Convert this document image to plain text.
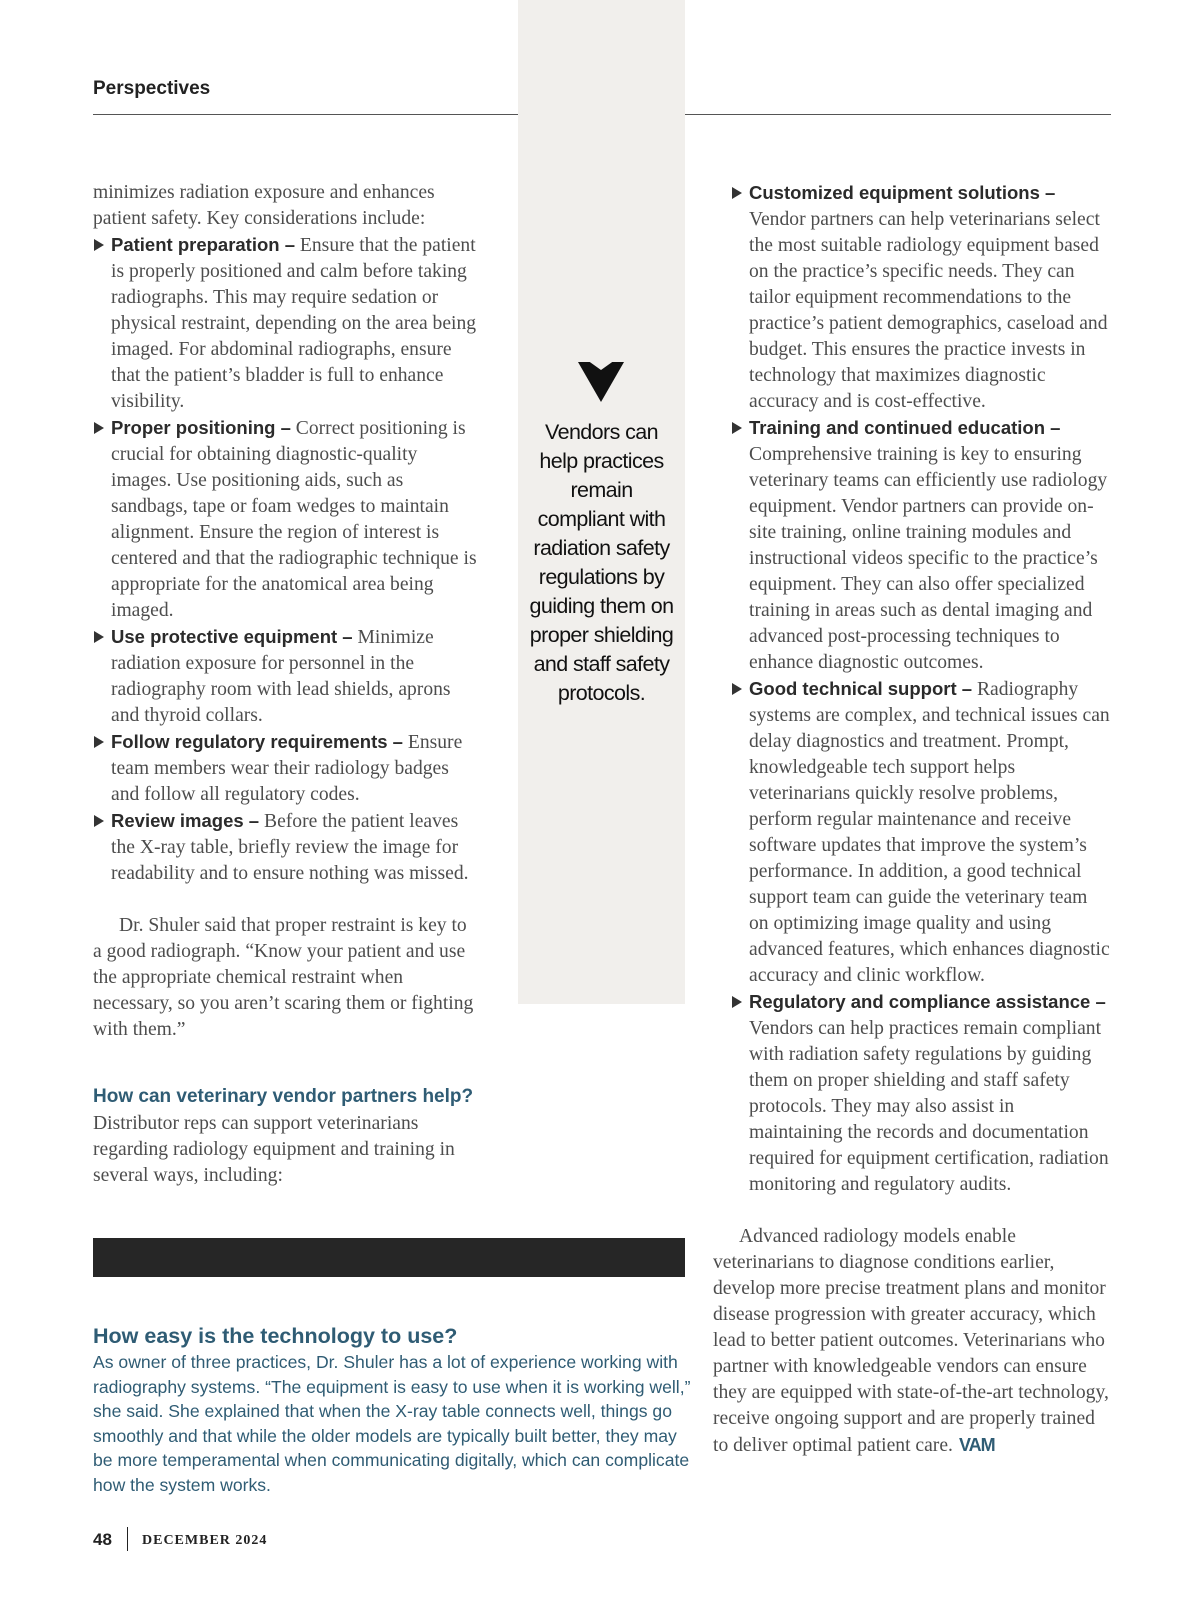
Perspectives
Vendors can help practices remain compliant with radiation safety regulations by guiding them on proper shielding and staff safety protocols.

minimizes radiation exposure and enhances patient safety. Key considerations include:

Patient preparation – Ensure that the patient is properly positioned and calm before taking radiographs. This may require sedation or physical restraint, depending on the area being imaged. For abdominal radiographs, ensure that the patient’s bladder is full to enhance visibility.
Proper positioning – Correct positioning is crucial for obtaining diagnostic-quality images. Use positioning aids, such as sandbags, tape or foam wedges to maintain alignment. Ensure the region of interest is centered and that the radiographic technique is appropriate for the anatomical area being imaged.
Use protective equipment – Minimize radiation exposure for personnel in the radiography room with lead shields, aprons and thyroid collars.
Follow regulatory requirements – Ensure team members wear their radiology badges and follow all regulatory codes.
Review images – Before the patient leaves the X-ray table, briefly review the image for readability and to ensure nothing was missed.

Dr. Shuler said that proper restraint is key to a good radiograph. “Know your patient and use the appropriate chemical restraint when necessary, so you aren’t scaring them or fighting with them.”

How can veterinary vendor partners help?
Distributor reps can support veterinarians regarding radiology equipment and training in several ways, including:
How easy is the technology to use?
As owner of three practices, Dr. Shuler has a lot of experience working with radiography systems. “The equipment is easy to use when it is working well,” she said. She explained that when the X-ray table connects well, things go smoothly and that while the older models are typically built better, they may be more temperamental when communicating digitally, which can complicate how the system works.
Customized equipment solutions – Vendor partners can help veterinarians select the most suitable radiology equipment based on the practice’s specific needs. They can tailor equipment recommendations to the practice’s patient demographics, caseload and budget. This ensures the practice invests in technology that maximizes diagnostic accuracy and is cost-effective.
Training and continued education – Comprehensive training is key to ensuring veterinary teams can efficiently use radiology equipment. Vendor partners can provide on-site training, online training modules and instructional videos specific to the practice’s equipment. They can also offer specialized training in areas such as dental imaging and advanced post-processing techniques to enhance diagnostic outcomes.
Good technical support – Radiography systems are complex, and technical issues can delay diagnostics and treatment. Prompt, knowledgeable tech support helps veterinarians quickly resolve problems, perform regular maintenance and receive software updates that improve the system’s performance. In addition, a good technical support team can guide the veterinary team on optimizing image quality and using advanced features, which enhances diagnostic accuracy and clinic workflow.
Regulatory and compliance assistance – Vendors can help practices remain compliant with radiation safety regulations by guiding them on proper shielding and staff safety protocols. They may also assist in maintaining the records and documentation required for equipment certification, radiation monitoring and regulatory audits.

Advanced radiology models enable veterinarians to diagnose conditions earlier, develop more precise treatment plans and monitor disease progression with greater accuracy, which lead to better patient outcomes. Veterinarians who partner with knowledgeable vendors can ensure they are equipped with state-of-the-art technology, receive ongoing support and are properly trained to deliver optimal patient care. VAM

48 DECEMBER 2024
